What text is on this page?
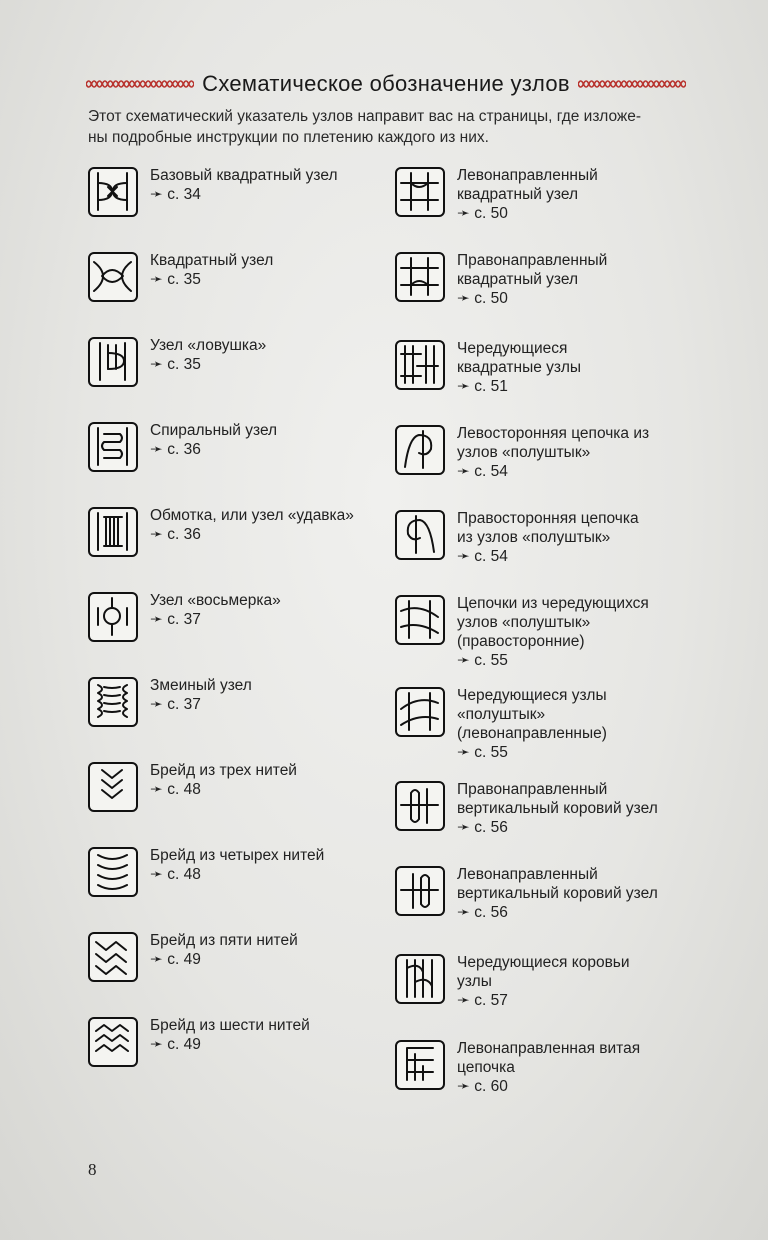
Схематическое обозначение узлов
Этот схематический указатель узлов направит вас на страницы, где изложе-
ны подробные инструкции по плетению каждого из них.
Базовый квадратный узел
➛ с. 34
Квадратный узел
➛ с. 35
Узел «ловушка»
➛ с. 35
Спиральный узел
➛ с. 36
Обмотка, или узел «удавка»
➛ с. 36
Узел «восьмерка»
➛ с. 37
Змеиный узел
➛ с. 37
Брейд из трех нитей
➛ с. 48
Брейд из четырех нитей
➛ с. 48
Брейд из пяти нитей
➛ с. 49
Брейд из шести нитей
➛ с. 49
Левонаправленный
квадратный узел
➛ с. 50
Правонаправленный
квадратный узел
➛ с. 50
Чередующиеся
квадратные узлы
➛ с. 51
Левосторонняя цепочка из
узлов «полуштык»
➛ с. 54
Правосторонняя цепочка
из узлов «полуштык»
➛ с. 54
Цепочки из чередующихся
узлов «полуштык»
(правосторонние)
➛ с. 55
Чередующиеся узлы
«полуштык»
(левонаправленные)
➛ с. 55
Правонаправленный
вертикальный коровий узел
➛ с. 56
Левонаправленный
вертикальный коровий узел
➛ с. 56
Чередующиеся коровьи
узлы
➛ с. 57
Левонаправленная витая
цепочка
➛ с. 60
8
